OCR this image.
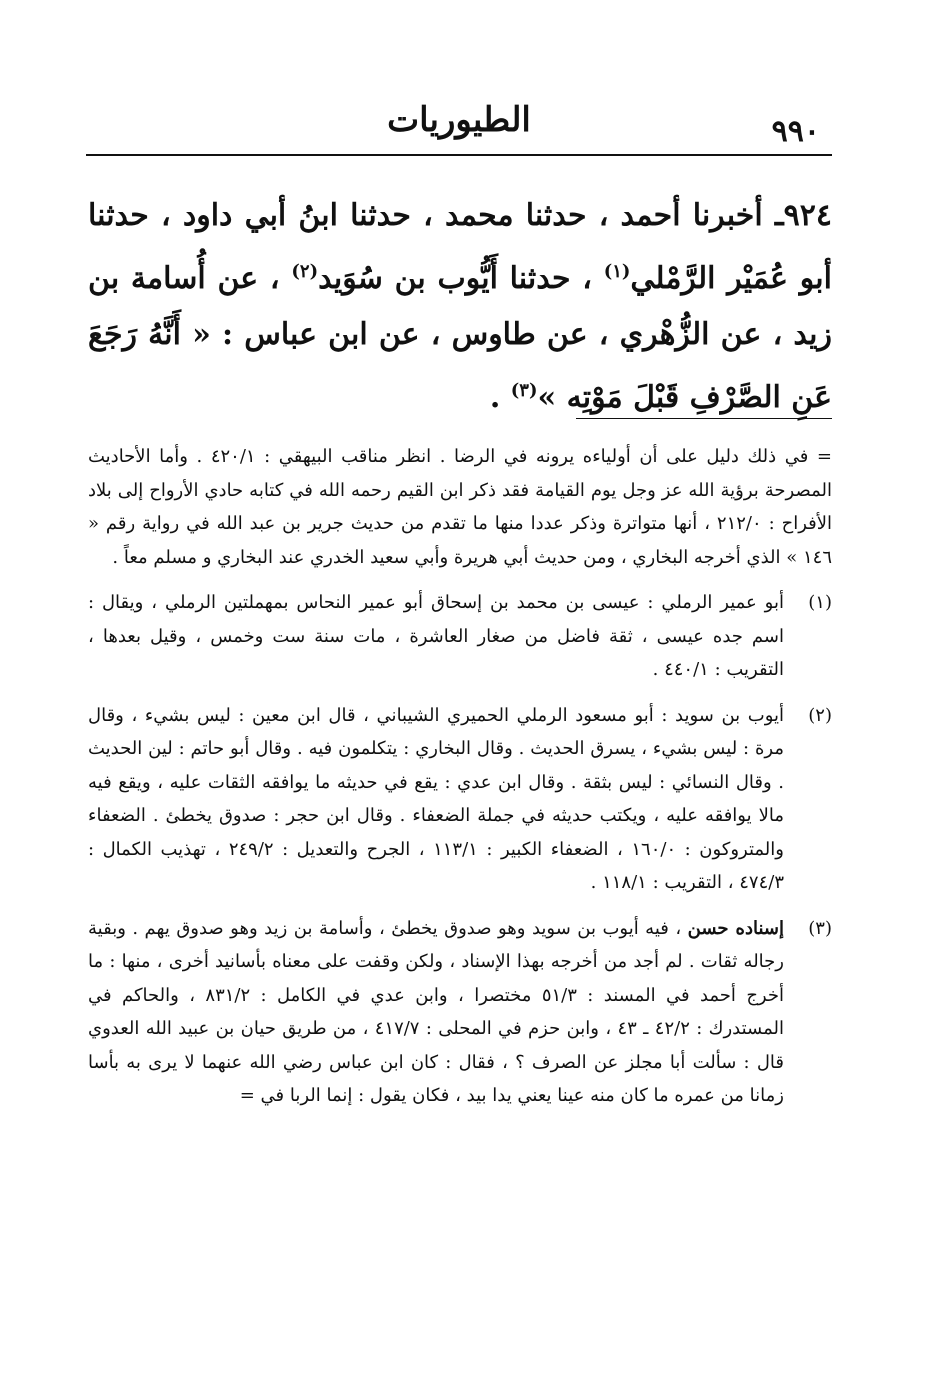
٩٩٠
الطيوريات
٩٢٤ـ أخبرنا أحمد ، حدثنا محمد ، حدثنا ابنُ أبي داود ، حدثنا أبو عُمَيْر الرَّمْلي$^{(١)}$ ، حدثنا أَيُّوب بن سُوَيد$^{(٢)}$ ، عن أُسامة بن زيد ، عن الزُّهْري ، عن طاوس ، عن ابن عباس : « أَنَّهُ رَجَعَ عَنِ الصَّرْفِ قَبْلَ مَوْتِه »$^{(٣)}$ .
= في ذلك دليل على أن أولياءه يرونه في الرضا . انظر مناقب البيهقي : ٤٢٠/١ . وأما الأحاديث المصرحة برؤية الله عز وجل يوم القيامة فقد ذكر ابن القيم رحمه الله في كتابه حادي الأرواح إلى بلاد الأفراح : ٢١٢/٠ ، أنها متواترة وذكر عددا منها ما تقدم من حديث جرير بن عبد الله في رواية رقم « ١٤٦ » الذي أخرجه البخاري ، ومن حديث أبي هريرة وأبي سعيد الخدري عند البخاري و مسلم معاً .
(١)
أبو عمير الرملي : عيسى بن محمد بن إسحاق أبو عمير النحاس بمهملتين الرملي ، ويقال : اسم جده عيسى ، ثقة فاضل من صغار العاشرة ، مات سنة ست وخمس ، وقيل بعدها ، التقريب : ٤٤٠/١ .
(٢)
أيوب بن سويد : أبو مسعود الرملي الحميري الشيباني ، قال ابن معين : ليس بشيء ، وقال مرة : ليس بشيء ، يسرق الحديث . وقال البخاري : يتكلمون فيه . وقال أبو حاتم : لين الحديث . وقال النسائي : ليس بثقة . وقال ابن عدي : يقع في حديثه ما يوافقه الثقات عليه ، ويقع فيه مالا يوافقه عليه ، ويكتب حديثه في جملة الضعفاء . وقال ابن حجر : صدوق يخطئ . الضعفاء والمتروكون : ١٦٠/٠ ، الضعفاء الكبير : ١١٣/١ ، الجرح والتعديل : ٢٤٩/٢ ، تهذيب الكمال : ٤٧٤/٣ ، التقريب : ١١٨/١ .
(٣)
إسناده حسن ، فيه أيوب بن سويد وهو صدوق يخطئ ، وأسامة بن زيد وهو صدوق يهم . وبقية رجاله ثقات . لم أجد من أخرجه بهذا الإسناد ، ولكن وقفت على معناه بأسانيد أخرى ، منها : ما أخرج أحمد في المسند : ٥١/٣ مختصرا ، وابن عدي في الكامل : ٨٣١/٢ ، والحاكم في المستدرك : ٤٢/٢ ـ ٤٣ ، وابن حزم في المحلى : ٤١٧/٧ ، من طريق حيان بن عبيد الله العدوي قال : سألت أبا مجلز عن الصرف ؟ ، فقال : كان ابن عباس رضي الله عنهما لا يرى به بأسا زمانا من عمره ما كان منه عينا يعني يدا بيد ، فكان يقول : إنما الربا في =
